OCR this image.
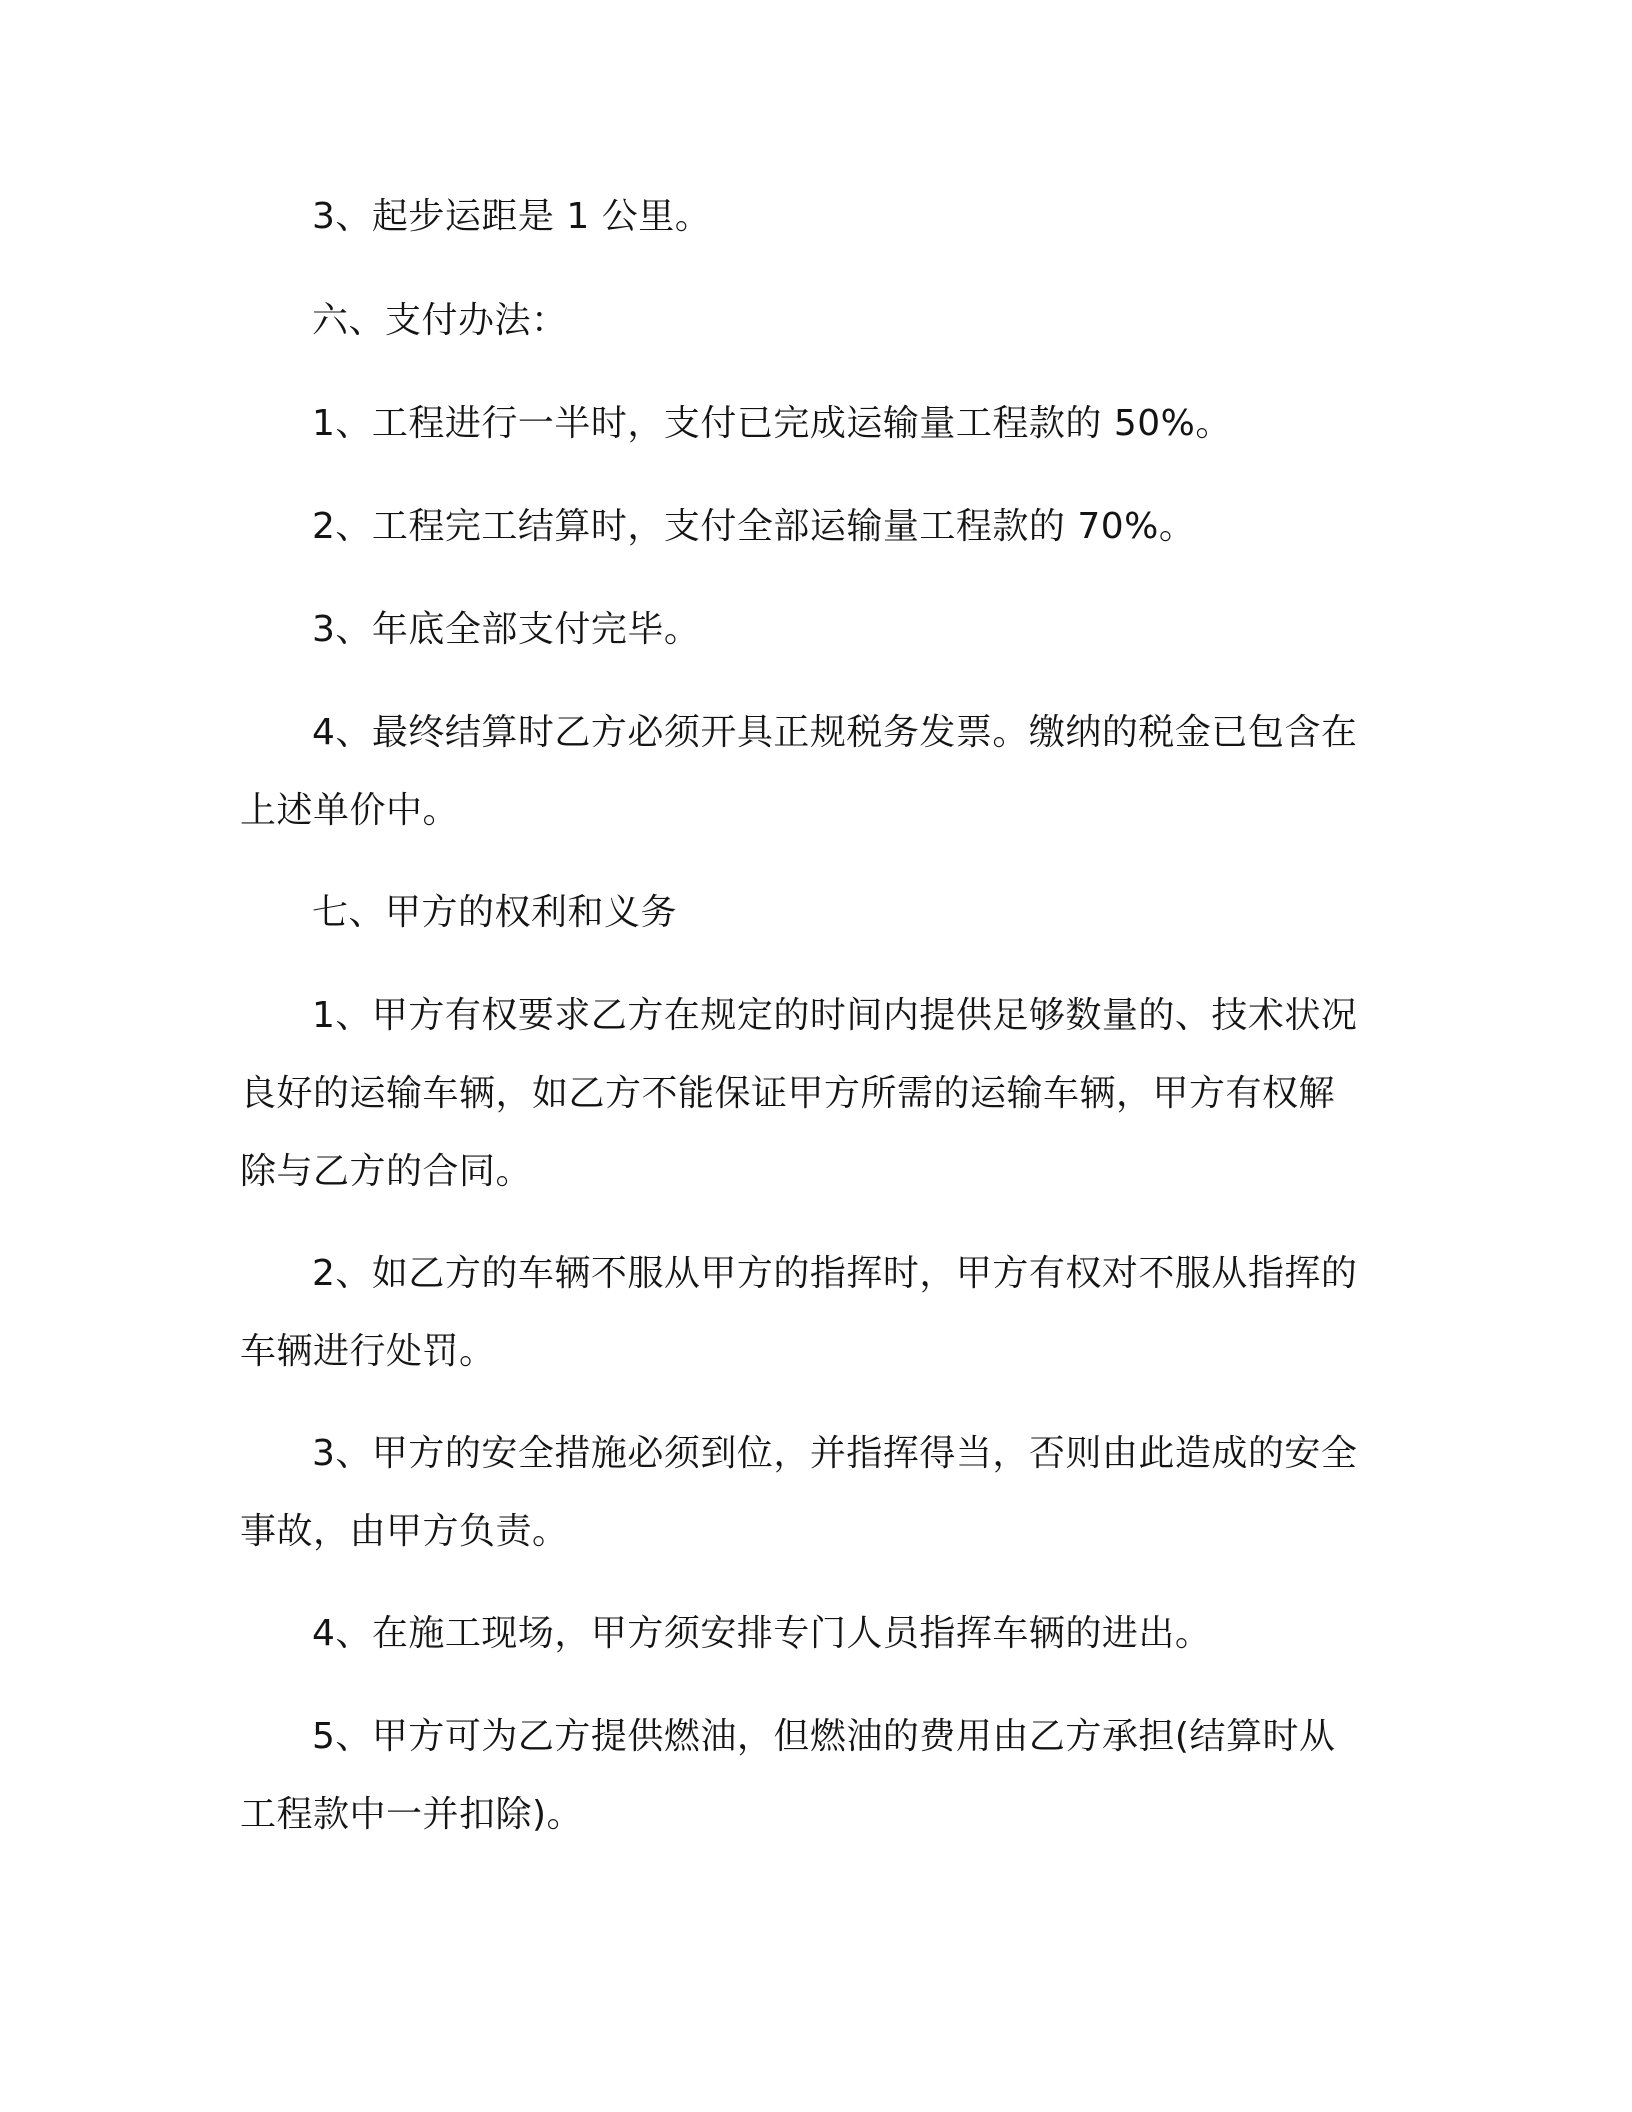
3、起步运距是 1 公里。

六、支付办法：

1、工程进行一半时，支付已完成运输量工程款的 50%。

2、工程完工结算时，支付全部运输量工程款的 70%。

3、年底全部支付完毕。

4、最终结算时乙方必须开具正规税务发票。缴纳的税金已包含在
上述单价中。

七、甲方的权利和义务

1、甲方有权要求乙方在规定的时间内提供足够数量的、技术状况
良好的运输车辆，如乙方不能保证甲方所需的运输车辆，甲方有权解
除与乙方的合同。

2、如乙方的车辆不服从甲方的指挥时，甲方有权对不服从指挥的
车辆进行处罚。

3、甲方的安全措施必须到位，并指挥得当，否则由此造成的安全
事故，由甲方负责。

4、在施工现场，甲方须安排专门人员指挥车辆的进出。

5、甲方可为乙方提供燃油，但燃油的费用由乙方承担(结算时从
工程款中一并扣除)。
